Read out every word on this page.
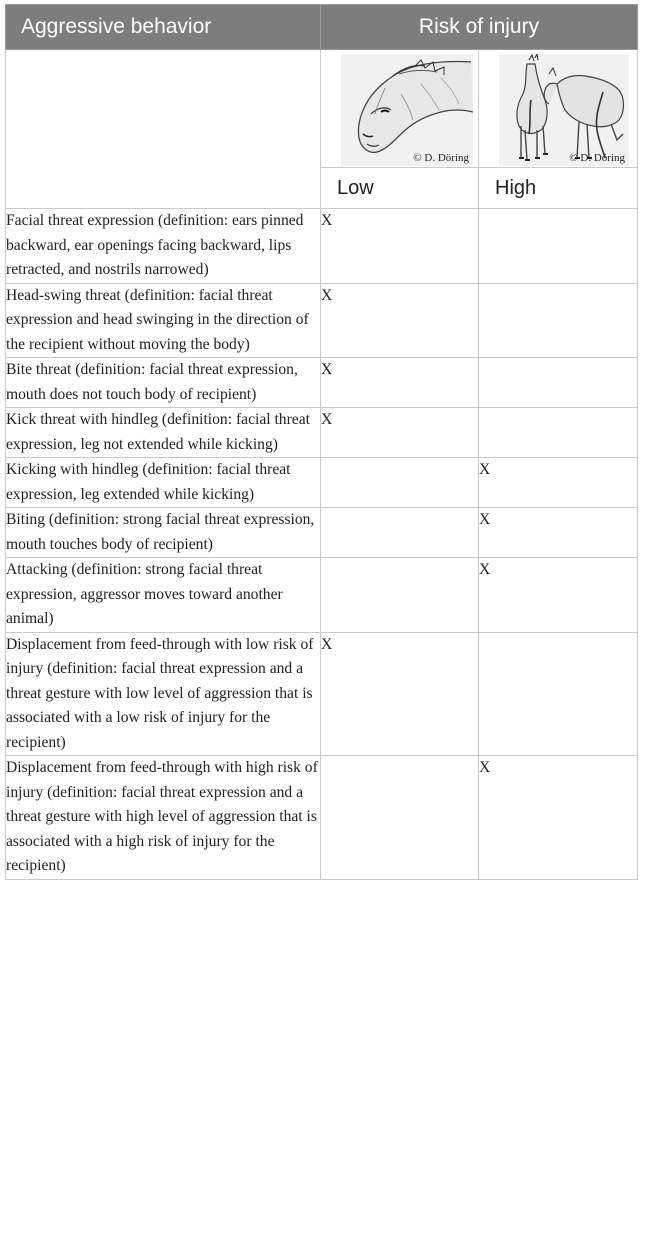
Aggressive behavior	Risk of injury	

	© D. Döring	© D. Döring

	Low	High
Facial threat expression (definition: ears pinned backward, ear openings facing backward, lips retracted, and nostrils narrowed)	X	
Head-swing threat (definition: facial threat expression and head swinging in the direction of the recipient without moving the body)	X	
Bite threat (definition: facial threat expression, mouth does not touch body of recipient)	X	
Kick threat with hindleg (definition: facial threat expression, leg not extended while kicking)	X	
Kicking with hindleg (definition: facial threat expression, leg extended while kicking)		X
Biting (definition: strong facial threat expression, mouth touches body of recipient)		X
Attacking (definition: strong facial threat expression, aggressor moves toward another animal)		X
Displacement from feed-through with low risk of injury (definition: facial threat expression and a threat gesture with low level of aggression that is associated with a low risk of injury for the recipient)	X	
Displacement from feed-through with high risk of injury (definition: facial threat expression and a threat gesture with high level of aggression that is associated with a high risk of injury for the recipient)		X
